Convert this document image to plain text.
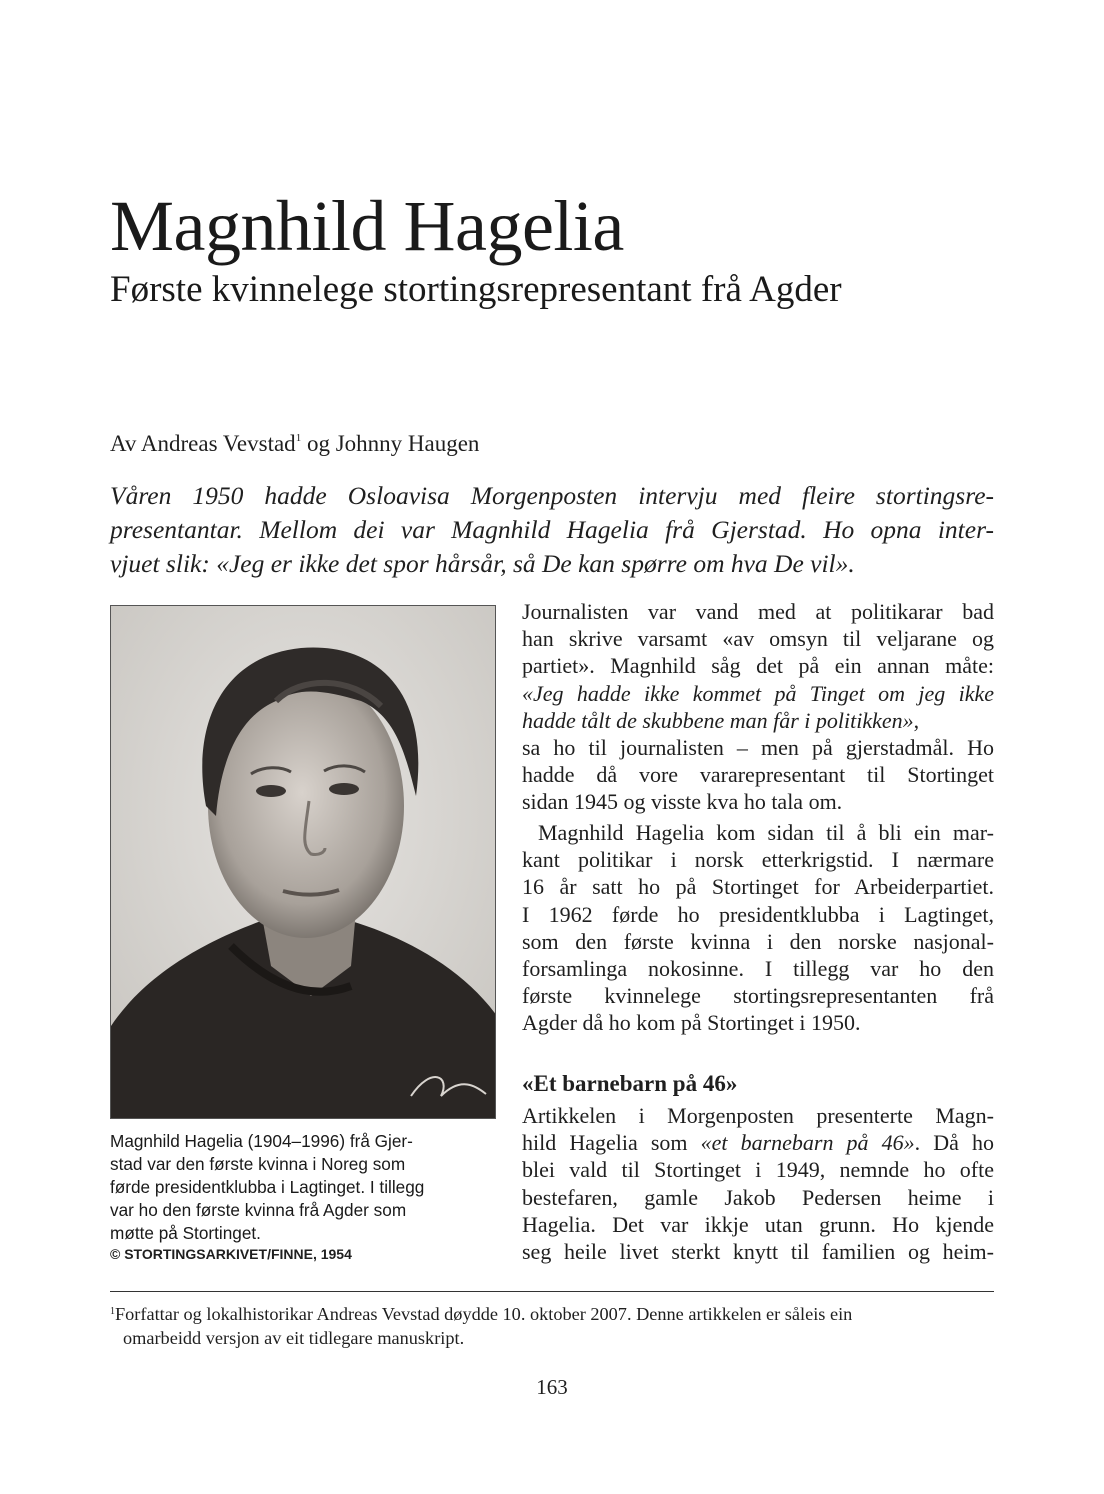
Magnhild Hagelia
Første kvinnelege stortingsrepresentant frå Agder
Av Andreas Vevstad$^1$ og Johnny Haugen
Våren 1950 hadde Osloavisa Morgenposten intervju med fleire stortingsre-
presentantar. Mellom dei var Magnhild Hagelia frå Gjerstad. Ho opna inter-
vjuet slik: «Jeg er ikke det spor hårsår, så De kan spørre om hva De vil».
Magnhild Hagelia (1904–1996) frå Gjer-
stad var den første kvinna i Noreg som
førde presidentklubba i Lagtinget. I tillegg
var ho den første kvinna frå Agder som
møtte på Stortinget.
© STORTINGSARKIVET/FINNE, 1954
Journalisten var vand med at politikarar bad
han skrive varsamt «av omsyn til veljarane og
partiet». Magnhild såg det på ein annan måte:
«Jeg hadde ikke kommet på Tinget om jeg ikke
hadde tålt de skubbene man får i politikken»,
sa ho til journalisten – men på gjerstadmål. Ho
hadde då vore vararepresentant til Stortinget
sidan 1945 og visste kva ho tala om.
Magnhild Hagelia kom sidan til å bli ein mar-
kant politikar i norsk etterkrigstid. I nærmare
16 år satt ho på Stortinget for Arbeiderpartiet.
I 1962 førde ho presidentklubba i Lagtinget,
som den første kvinna i den norske nasjonal-
forsamlinga nokosinne. I tillegg var ho den
første kvinnelege stortingsrepresentanten frå
Agder då ho kom på Stortinget i 1950.
«Et barnebarn på 46»
Artikkelen i Morgenposten presenterte Magn-
hild Hagelia som «et barnebarn på 46». Då ho
blei vald til Stortinget i 1949, nemnde ho ofte
bestefaren, gamle Jakob Pedersen heime i
Hagelia. Det var ikkje utan grunn. Ho kjende
seg heile livet sterkt knytt til familien og heim-
$^1$Forfattar og lokalhistorikar Andreas Vevstad døydde 10. oktober 2007. Denne artikkelen er såleis ein
omarbeidd versjon av eit tidlegare manuskript.
163
